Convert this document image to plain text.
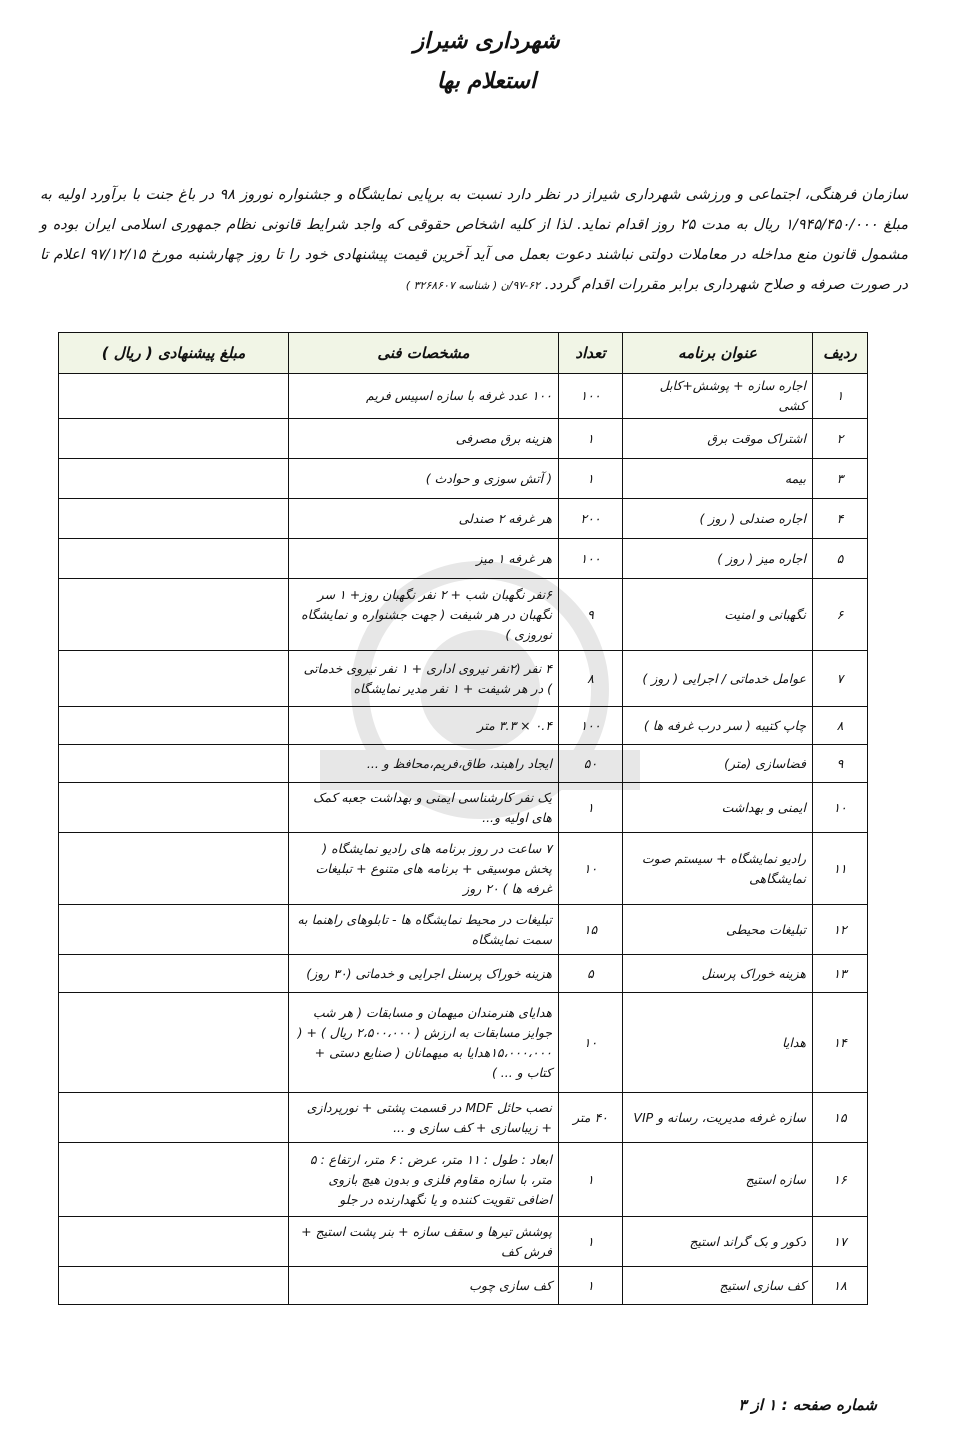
شهرداری شیراز
استعلام بها
سازمان فرهنگی، اجتماعی و ورزشی شهرداری شیراز در نظر دارد نسبت به برپایی نمایشگاه و جشنواره نوروز ۹۸ در باغ جنت با برآورد اولیه به مبلغ ۱/۹۴۵/۴۵۰/۰۰۰ ریال به مدت ۲۵ روز اقدام نماید. لذا از کلیه اشخاص حقوقی که واجد شرایط قانونی نظام جمهوری اسلامی ایران بوده و مشمول قانون منع مداخله در معاملات دولتی نباشند دعوت بعمل می آید آخرین قیمت پیشنهادی خود را تا روز چهارشنبه مورخ ۹۷/۱۲/۱۵ اعلام تا در صورت صرفه و صلاح شهرداری برابر مقررات اقدام گردد. ۶۲-۹۷/ن ( شناسه ۳۲۶۸۶۰۷ )
ردیف	عنوان برنامه	تعداد	مشخصات فنی	مبلغ پیشنهادی ( ریال )
۱	اجاره سازه + پوشش+کابل کشی	۱۰۰	۱۰۰ عدد غرفه با سازه اسپیس فریم	
۲	اشتراک موقت برق	۱	هزینه برق مصرفی	
۳	بیمه	۱	( آتش سوزی و حوادث )	
۴	اجاره صندلی ( روز )	۲۰۰	هر غرفه ۲ صندلی	
۵	اجاره میز ( روز )	۱۰۰	هر غرفه ۱ میز	
۶	نگهبانی و امنیت	۹	۶نفر نگهبان شب + ۲ نفر نگهبان روز+ ۱ سر نگهبان در هر شیفت ( جهت جشنواره و نمایشگاه نوروزی )	
۷	عوامل خدماتی / اجرایی ( روز )	۸	۴ نفر (۲نفر نیروی اداری + ۱ نفر نیروی خدماتی ) در هر شیفت + ۱ نفر مدیر نمایشگاه	
۸	چاپ کتیبه ( سر درب غرفه ها )	۱۰۰	۰.۴ × ۳.۳ متر	
۹	فضاسازی (متر)	۵۰	ایجاد راهبند، طاق،فریم،محافظ و ...	
۱۰	ایمنی و بهداشت	۱	یک نفر کارشناسی ایمنی و بهداشت جعبه کمک های اولیه و...	
۱۱	رادیو نمایشگاه + سیستم صوت نمایشگاهی	۱۰	۷ ساعت در روز برنامه های رادیو نمایشگاه ( پخش موسیقی + برنامه های متنوع + تبلیغات غرفه ها ) ۲۰ روز	
۱۲	تبلیغات محیطی	۱۵	تبلیغات در محیط نمایشگاه ها - تابلوهای راهنما به سمت نمایشگاه	
۱۳	هزینه خوراک پرسنل	۵	هزینه خوراک پرسنل اجرایی و خدماتی (۳۰ روز)	
۱۴	هدایا	۱۰	هدایای هنرمندان میهمان و مسابقات ( هر شب جوایز مسابقات به ارزش ( ۲،۵۰۰،۰۰۰ ریال ) + ( ۱۵،۰۰۰،۰۰۰هدایا به میهمانان ( صنایع دستی + کتاب و ... )	
۱۵	سازه غرفه مدیریت، رسانه و VIP	۴۰ متر	نصب حائل MDF در قسمت پشتی + نورپردازی + زیباسازی + کف سازی و ...	
۱۶	سازه استیج	۱	ابعاد : طول : ۱۱ متر، عرض : ۶ متر، ارتفاع : ۵ متر، با سازه مقاوم فلزی و بدون هیچ بازوی اضافی تقویت کننده و یا نگهدارنده در جلو	
۱۷	دکور و بک گراند استیج	۱	پوشش تیرها و سقف سازه + بنر پشت استیج + فرش کف	
۱۸	کف سازی استیج	۱	کف سازی چوب	
شماره صفحه : ۱ از ۳
